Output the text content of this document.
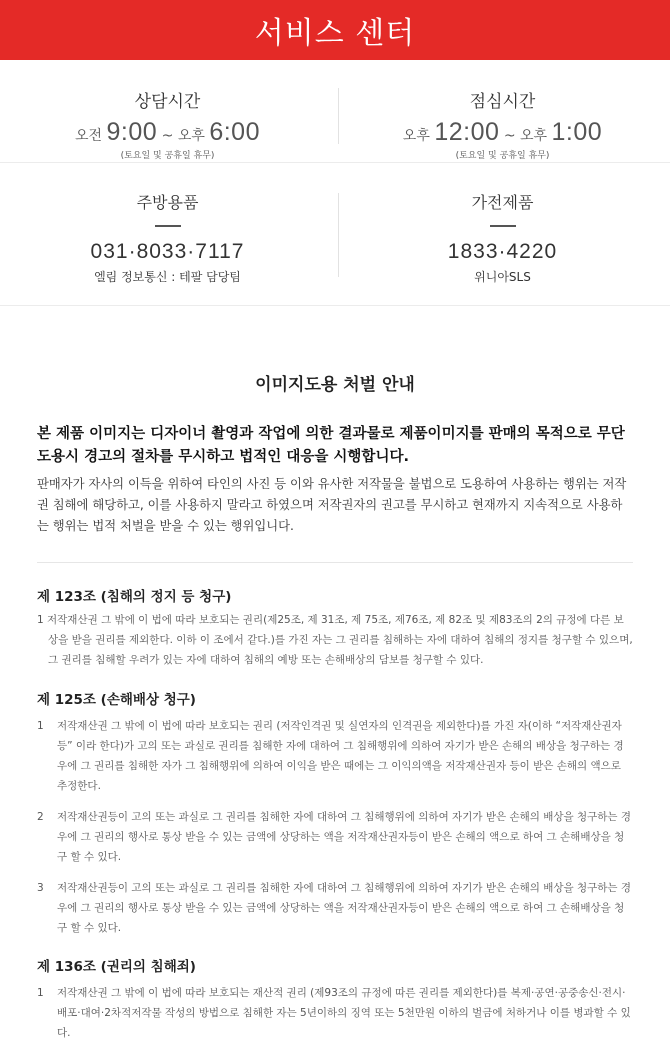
서비스 센터
상담시간
오전 9:00 ~ 오후 6:00
(토요일 및 공휴일 휴무)
점심시간
오후 12:00 ~ 오후 1:00
(토요일 및 공휴일 휴무)
주방용품
031·8033·7117
엘림 정보통신 : 테팔 담당팀
가전제품
1833·4220
위니아SLS
이미지도용 처벌 안내
본 제품 이미지는 디자이너 촬영과 작업에 의한 결과물로 제품이미지를 판매의 목적으로 무단 도용시 경고의 절차를 무시하고 법적인 대응을 시행합니다.
판매자가 자사의 이득을 위하여 타인의 사진 등 이와 유사한 저작물을 불법으로 도용하여 사용하는 행위는 저작권 침해에 해당하고, 이를 사용하지 말라고 하였으며 저작권자의 권고를 무시하고 현재까지 지속적으로 사용하는 행위는 법적 처벌을 받을 수 있는 행위입니다.
제 123조 (침해의 정지 등 청구)
1 저작재산권 그 밖에 이 법에 따라 보호되는 권리(제25조, 제 31조, 제 75조, 제76조, 제 82조 및 제83조의 2의 규정에 다른 보상을 받을 권리를 제외한다. 이하 이 조에서 같다.)를 가진 자는 그 권리를 침해하는 자에 대하여 침해의 정지를 청구할 수 있으며, 그 권리를 침해할 우려가 있는 자에 대하여 침해의 예방 또는 손해배상의 담보를 청구할 수 있다.
제 125조 (손해배상 청구)
1	저작재산권 그 밖에 이 법에 따라 보호되는 권리 (저작인격권 및 실연자의 인격권을 제외한다)를 가진 자(이하 “저작재산권자등” 이라 한다)가 고의 또는 과실로 권리를 침해한 자에 대하여 그 침해행위에 의하여 자기가 받은 손해의 배상을 청구하는 경우에 그 권리를 침해한 자가 그 침해행위에 의하여 이익을 받은 때에는 그 이익의액을 저작재산권자 등이 받은 손해의 액으로 추정한다.
2	저작재산권등이 고의 또는 과실로 그 권리를 침해한 자에 대하여 그 침해행위에 의하여 자기가 받은 손해의 배상을 청구하는 경우에 그 권리의 행사로 통상 받을 수 있는 금액에 상당하는 액을 저작재산권자등이 받은 손해의 액으로 하여 그 손해배상을 청구 할 수 있다.
3	저작재산권등이 고의 또는 과실로 그 권리를 침해한 자에 대하여 그 침해행위에 의하여 자기가 받은 손해의 배상을 청구하는 경우에 그 권리의 행사로 통상 받을 수 있는 금액에 상당하는 액을 저작재산권자등이 받은 손해의 액으로 하여 그 손해배상을 청구 할 수 있다.
제 136조 (권리의 침해죄)
1	저작재산권 그 밖에 이 법에 따라 보호되는 재산적 권리 (제93조의 규정에 따른 권리를 제외한다)를 복제·공연·공중송신·전시·배포·대여·2차적저작물 작성의 방법으로 침해한 자는 5년이하의 징역 또는 5천만원 이하의 벌금에 처하거나 이를 병과할 수 있다.
